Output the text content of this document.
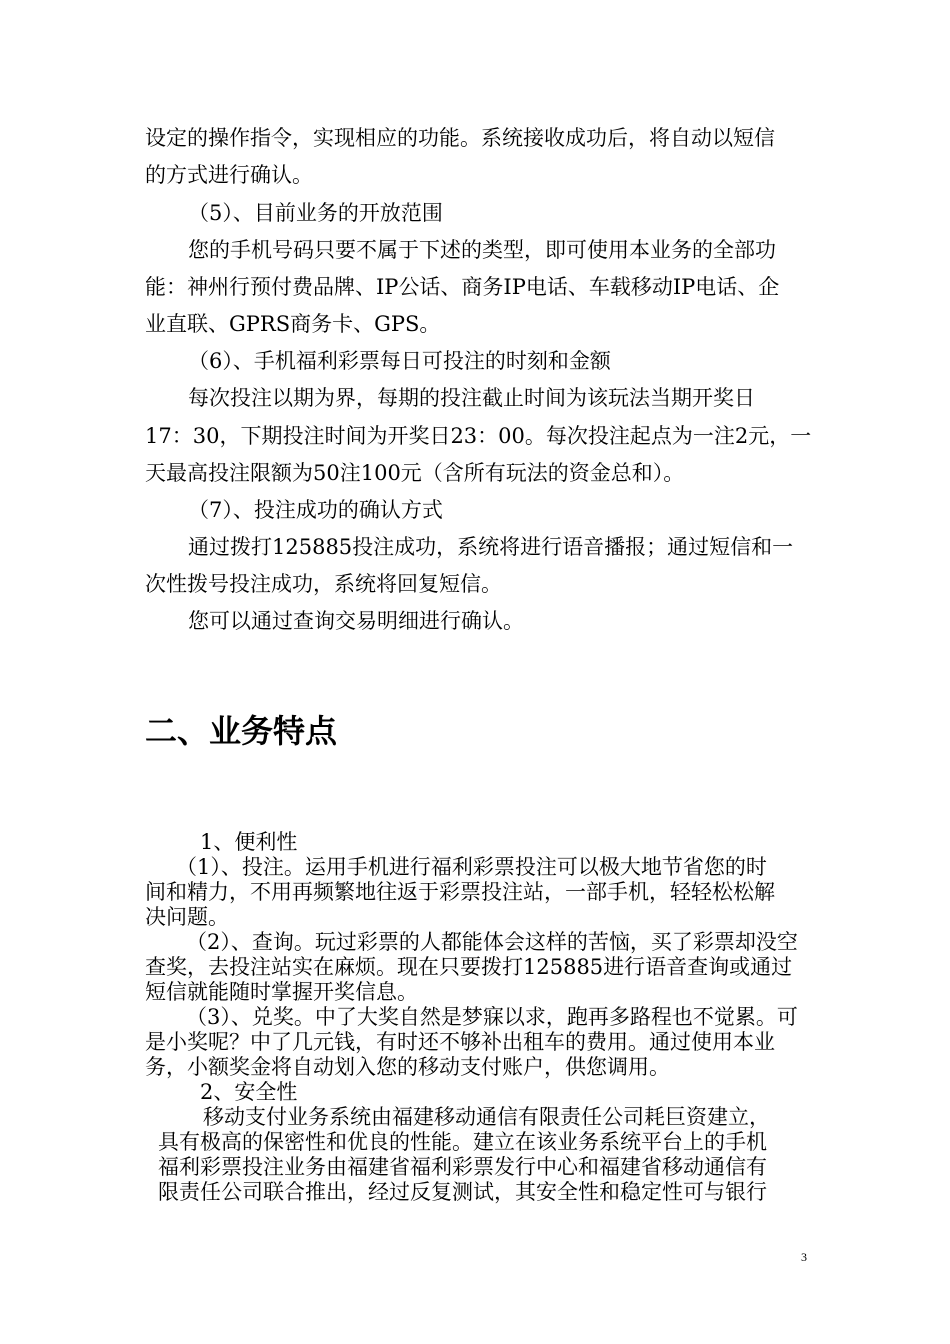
设定的操作指令，实现相应的功能。系统接收成功后，将自动以短信
的方式进行确认。
（5）、目前业务的开放范围
您的手机号码只要不属于下述的类型，即可使用本业务的全部功
能：神州行预付费品牌、IP公话、商务IP电话、车载移动IP电话、企
业直联、GPRS商务卡、GPS。
（6）、手机福利彩票每日可投注的时刻和金额
每次投注以期为界，每期的投注截止时间为该玩法当期开奖日
17：30，下期投注时间为开奖日23：00。每次投注起点为一注2元，一
天最高投注限额为50注100元（含所有玩法的资金总和）。
（7）、投注成功的确认方式
通过拨打125885投注成功，系统将进行语音播报；通过短信和一
次性拨号投注成功，系统将回复短信。
您可以通过查询交易明细进行确认。
二、业务特点
1、便利性
（1）、投注。运用手机进行福利彩票投注可以极大地节省您的时
间和精力，不用再频繁地往返于彩票投注站，一部手机，轻轻松松解
决问题。
（2）、查询。玩过彩票的人都能体会这样的苦恼，买了彩票却没空
查奖，去投注站实在麻烦。现在只要拨打125885进行语音查询或通过
短信就能随时掌握开奖信息。
（3）、兑奖。中了大奖自然是梦寐以求，跑再多路程也不觉累。可
是小奖呢？中了几元钱，有时还不够补出租车的费用。通过使用本业
务，小额奖金将自动划入您的移动支付账户，供您调用。
2、安全性
移动支付业务系统由福建移动通信有限责任公司耗巨资建立，
具有极高的保密性和优良的性能。建立在该业务系统平台上的手机
福利彩票投注业务由福建省福利彩票发行中心和福建省移动通信有
限责任公司联合推出，经过反复测试，其安全性和稳定性可与银行
3
